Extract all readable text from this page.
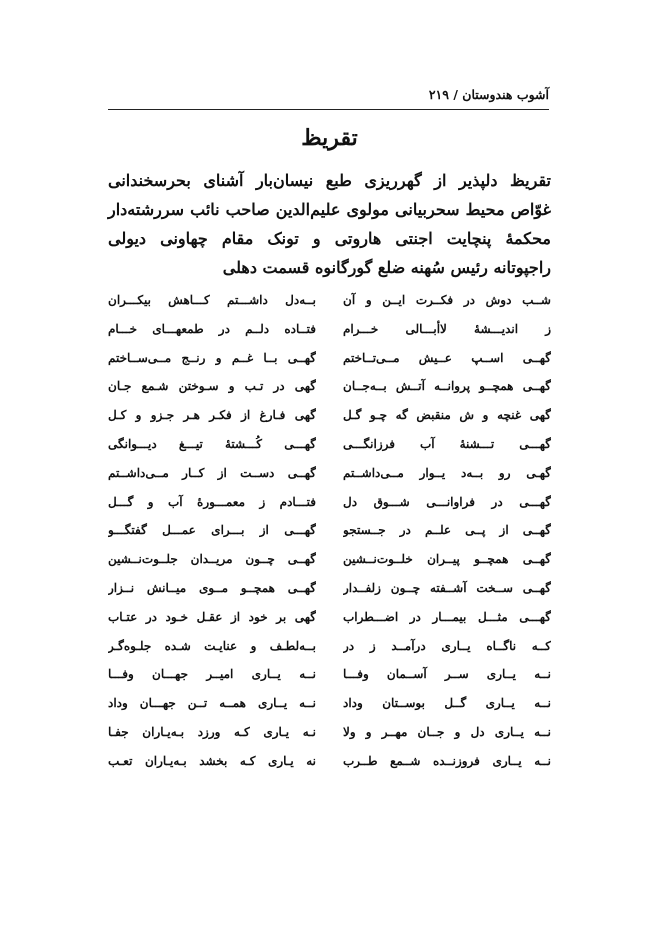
آشوب هندوستان / ۲۱۹
تقریظ
تقریظ دلپذیر از گهرریزی طبع نیسان‌بار آشنای بحرسخندانی
غوّاص محیط سحربیانی مولوی علیم‌الدین صاحب نائب سررشته‌دار
محکمهٔ پنچایت اجنتی هاروتی و تونک مقام چهاونی دیولی
راجپوتانه رئیس سُهنه ضلع گورگانوه قسمت دهلی
شــب دوش در فکــرت ایــن و آن
بــه‌دل داشـــتم کـــاهش بیکـــران
ز اندیـــشهٔ لاأبـــالی خـــرام
فتــاده دلــم در طمعهـــای خـــام
گهــی اســپ عــیش مــی‌تــاختم
گهــی بــا غــم و رنــج مــی‌ســاختم
گهــی همچــو پروانــه آتــش بــه‌جــان
گهی در تـب و سـوختن شـمع جـان
گهی غنچه و ش منقبض گه چـو گـل
گهی فـارغ از فکـر هـر جـزو و کـل
گهـــی تـــشنهٔ آب فرزانگـــی
گهـــی کُـــشتهٔ تیـــغ دیـــوانگی
گهـی رو بــه‌د یــوار مــی‌داشــتم
گهــی دســت از کــار مــی‌داشــتم
گهـــی در فراوانـــی شـــوق دل
فتـــادم ز معمـــورهٔ آب و گـــل
گهــی از پــی علــم در جــستجو
گهـــی از بـــرای عمـــل گفتگـــو
گهــی همچــو پیــران خلــوت‌نــشین
گهــی چــون مریــدان جلــوت‌نــشین
گهــی ســخت آشــفته چــون زلفــدار
گهــی همچــو مــوی میــانش نــزار
گهـــی مثـــل بیمـــار در اضـــطراب
گهی بر خود از عقـل خـود در عتـاب
کــه ناگــاه یــاری درآمــد ز در
بــه‌لطـف و عنایـت شـده جلـوه‌گـر
نــه یــاری ســر آســمان وفـــا
نــه یــاری امیــر جهـــان وفـــا
نــه یــاری گــل بوســتان وداد
نــه یــاری همــه تــن جهـــان وداد
نــه یــاری دل و جــان مهــر و ولا
نـه یـاری کـه ورزد بـه‌یـاران جفـا
نــه یــاری فروزنــده شــمع طــرب
نه یـاری کـه بخشد بـه‌یـاران تعـب
